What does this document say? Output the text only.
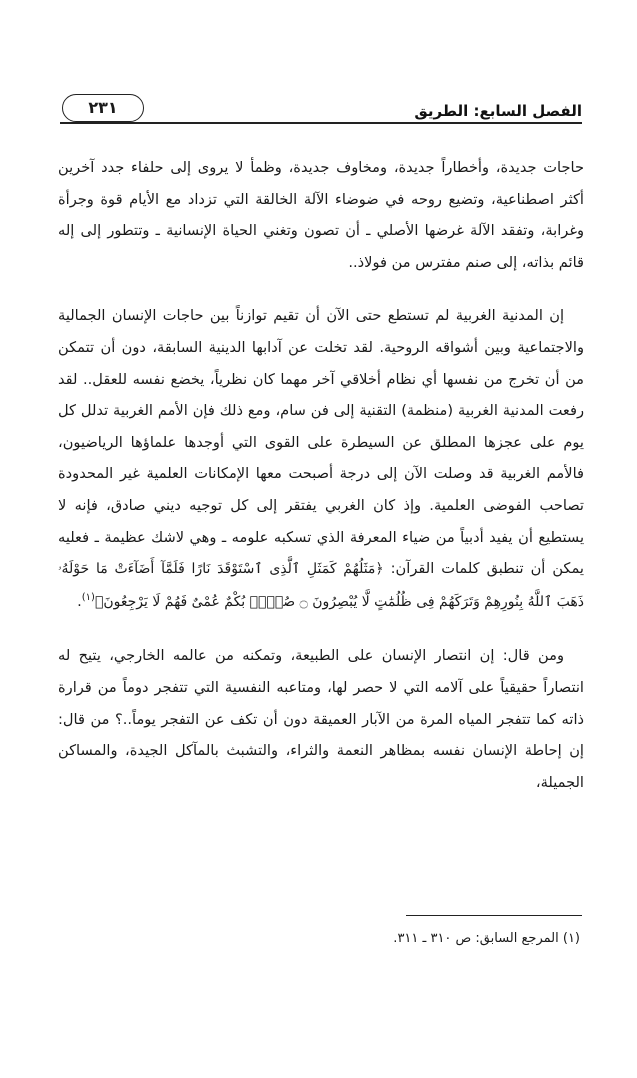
٢٣١	الفصل السابع: الطريق

حاجات جديدة، وأخطاراً جديدة، ومخاوف جديدة، وظمأ لا يروى إلى حلفاء جدد آخرين أكثر اصطناعية، وتضيع روحه في ضوضاء الآلة الخالقة التي تزداد مع الأيام قوة وجرأة وغرابة، وتفقد الآلة غرضها الأصلي ـ أن تصون وتغني الحياة الإنسانية ـ وتتطور إلى إله قائم بذاته، إلى صنم مفترس من فولاذ..

إن المدنية الغربية لم تستطع حتى الآن أن تقيم توازناً بين حاجات الإنسان الجمالية والاجتماعية وبين أشواقه الروحية. لقد تخلت عن آدابها الدينية السابقة، دون أن تتمكن من أن تخرج من نفسها أي نظام أخلاقي آخر مهما كان نظرياً، يخضع نفسه للعقل.. لقد رفعت المدنية الغربية (منظمة) التقنية إلى فن سام، ومع ذلك فإن الأمم الغربية تدلل كل يوم على عجزها المطلق عن السيطرة على القوى التي أوجدها علماؤها الرياضيون، فالأمم الغربية قد وصلت الآن إلى درجة أصبحت معها الإمكانات العلمية غير المحدودة تصاحب الفوضى العلمية. وإذ كان الغربي يفتقر إلى كل توجيه ديني صادق، فإنه لا يستطيع أن يفيد أدبياً من ضياء المعرفة الذي تسكبه علومه ـ وهي لاشك عظيمة ـ فعليه يمكن أن تنطبق كلمات القرآن: ﴿مَثَلُهُمْ كَمَثَلِ ٱلَّذِى ٱسْتَوْقَدَ نَارًا فَلَمَّآ أَضَآءَتْ مَا حَوْلَهُۥ ذَهَبَ ٱللَّهُ بِنُورِهِمْ وَتَرَكَهُمْ فِى ظُلُمَٰتٍ لَّا يُبْصِرُونَ ۝ صُمٌّۢ بُكْمٌ عُمْىٌ فَهُمْ لَا يَرْجِعُونَ﴾$^{(١)}$.

ومن قال: إن انتصار الإنسان على الطبيعة، وتمكنه من عالمه الخارجي، يتيح له انتصاراً حقيقياً على آلامه التي لا حصر لها، ومتاعبه النفسية التي تتفجر دوماً من قرارة ذاته كما تتفجر المياه المرة من الآبار العميقة دون أن تكف عن التفجر يوماً..؟ من قال: إن إحاطة الإنسان نفسه بمظاهر النعمة والثراء، والتشبث بالمآكل الجيدة، والمساكن الجميلة،

(١) المرجع السابق: ص ٣١٠ ـ ٣١١.
